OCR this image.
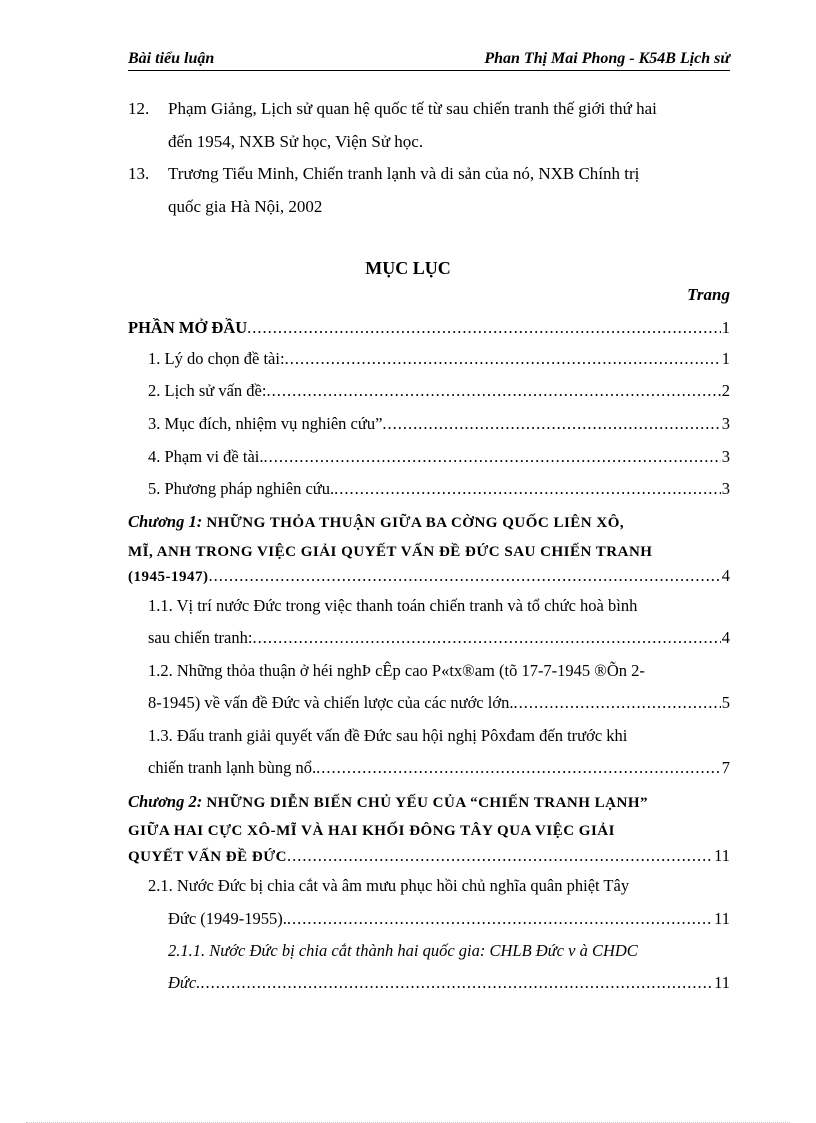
Bài tiểu luận	Phan Thị Mai Phong - K54B Lịch sử
12. Phạm Giảng, Lịch sử quan hệ quốc tế từ sau chiến tranh thế giới thứ hai
đến 1954, NXB Sử học, Viện Sử học.
13. Trương Tiểu Minh, Chiến tranh lạnh và di sản của nó, NXB Chính trị
quốc gia Hà Nội, 2002
MỤC LỤC
Trang
PHẦN MỞ ĐẦU .....	1
1. Lý do chọn đề tài: .....	1
2. Lịch sử vấn đề: .....	2
3. Mục đích, nhiệm vụ nghiên cứu” .....	3
4. Phạm vi đề tài. .....	3
5. Phương pháp nghiên cứu. .....	3
Chương 1: NHỮNG THỎA THUẬN GIỮA BA CỜNG QUỐC LIÊN XÔ,
MĨ, ANH TRONG VIỆC GIẢI QUYẾT VẤN ĐỀ ĐỨC SAU CHIẾN TRANH
(1945-1947) .....	4
1.1. Vị trí nước Đức trong việc thanh toán chiến tranh và tổ chức hoà bình
sau chiến tranh: .....	4
1.2. Những thỏa thuận ở héi nghÞ cÊp cao P«tx®am (tõ 17-7-1945 ®Õn 2-
8-1945) về vấn đề Đức và chiến lược của các nước lớn. .....	5
1.3. Đấu tranh giải quyết vấn đề Đức sau hội nghị Pôxđam đến trước khi
chiến tranh lạnh bùng nổ. .....	7
Chương 2: NHỮNG DIỄN BIẾN CHỦ YẾU CỦA “CHIẾN TRANH LẠNH”
GIỮA HAI CỰC XÔ-MĨ VÀ HAI KHỐI ĐÔNG TÂY QUA VIỆC GIẢI
QUYẾT VẤN ĐỀ ĐỨC .....	11
2.1. Nước Đức bị chia cắt và âm mưu phục hồi chủ nghĩa quân phiệt Tây
Đức (1949-1955). .....	11
2.1.1. Nước Đức bị chia cắt thành hai quốc gia: CHLB Đức v à CHDC
Đức. .....	11
